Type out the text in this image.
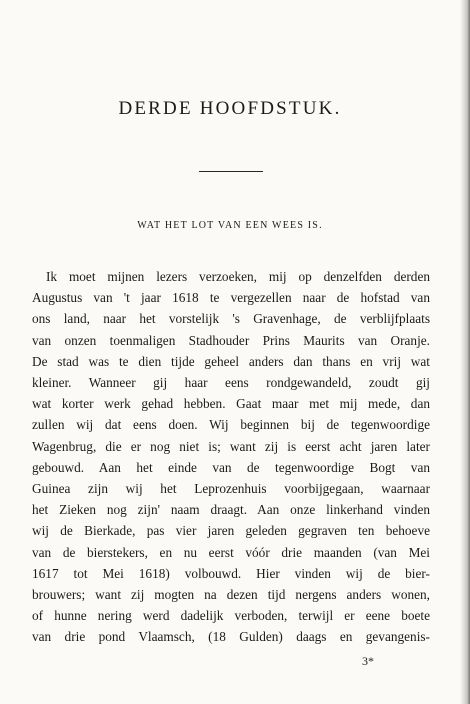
DERDE HOOFDSTUK.
WAT HET LOT VAN EEN WEES IS.
Ik moet mijnen lezers verzoeken, mij op denzelfden derden
Augustus van 't jaar 1618 te vergezellen naar de hofstad van
ons land, naar het vorstelijk 's Gravenhage, de verblijfplaats
van onzen toenmaligen Stadhouder Prins Maurits van Oranje.
De stad was te dien tijde geheel anders dan thans en vrij wat
kleiner. Wanneer gij haar eens rondgewandeld, zoudt gij
wat korter werk gehad hebben. Gaat maar met mij mede, dan
zullen wij dat eens doen. Wij beginnen bij de tegenwoordige
Wagenbrug, die er nog niet is; want zij is eerst acht jaren later
gebouwd. Aan het einde van de tegenwoordige Bogt van
Guinea zijn wij het Leprozenhuis voorbijgegaan, waarnaar
het Zieken nog zijn' naam draagt. Aan onze linkerhand vinden
wij de Bierkade, pas vier jaren geleden gegraven ten behoeve
van de bierstekers, en nu eerst vóór drie maanden (van Mei
1617 tot Mei 1618) volbouwd. Hier vinden wij de bier-
brouwers; want zij mogten na dezen tijd nergens anders wonen,
of hunne nering werd dadelijk verboden, terwijl er eene boete
van drie pond Vlaamsch, (18 Gulden) daags en gevangenis-
3*
